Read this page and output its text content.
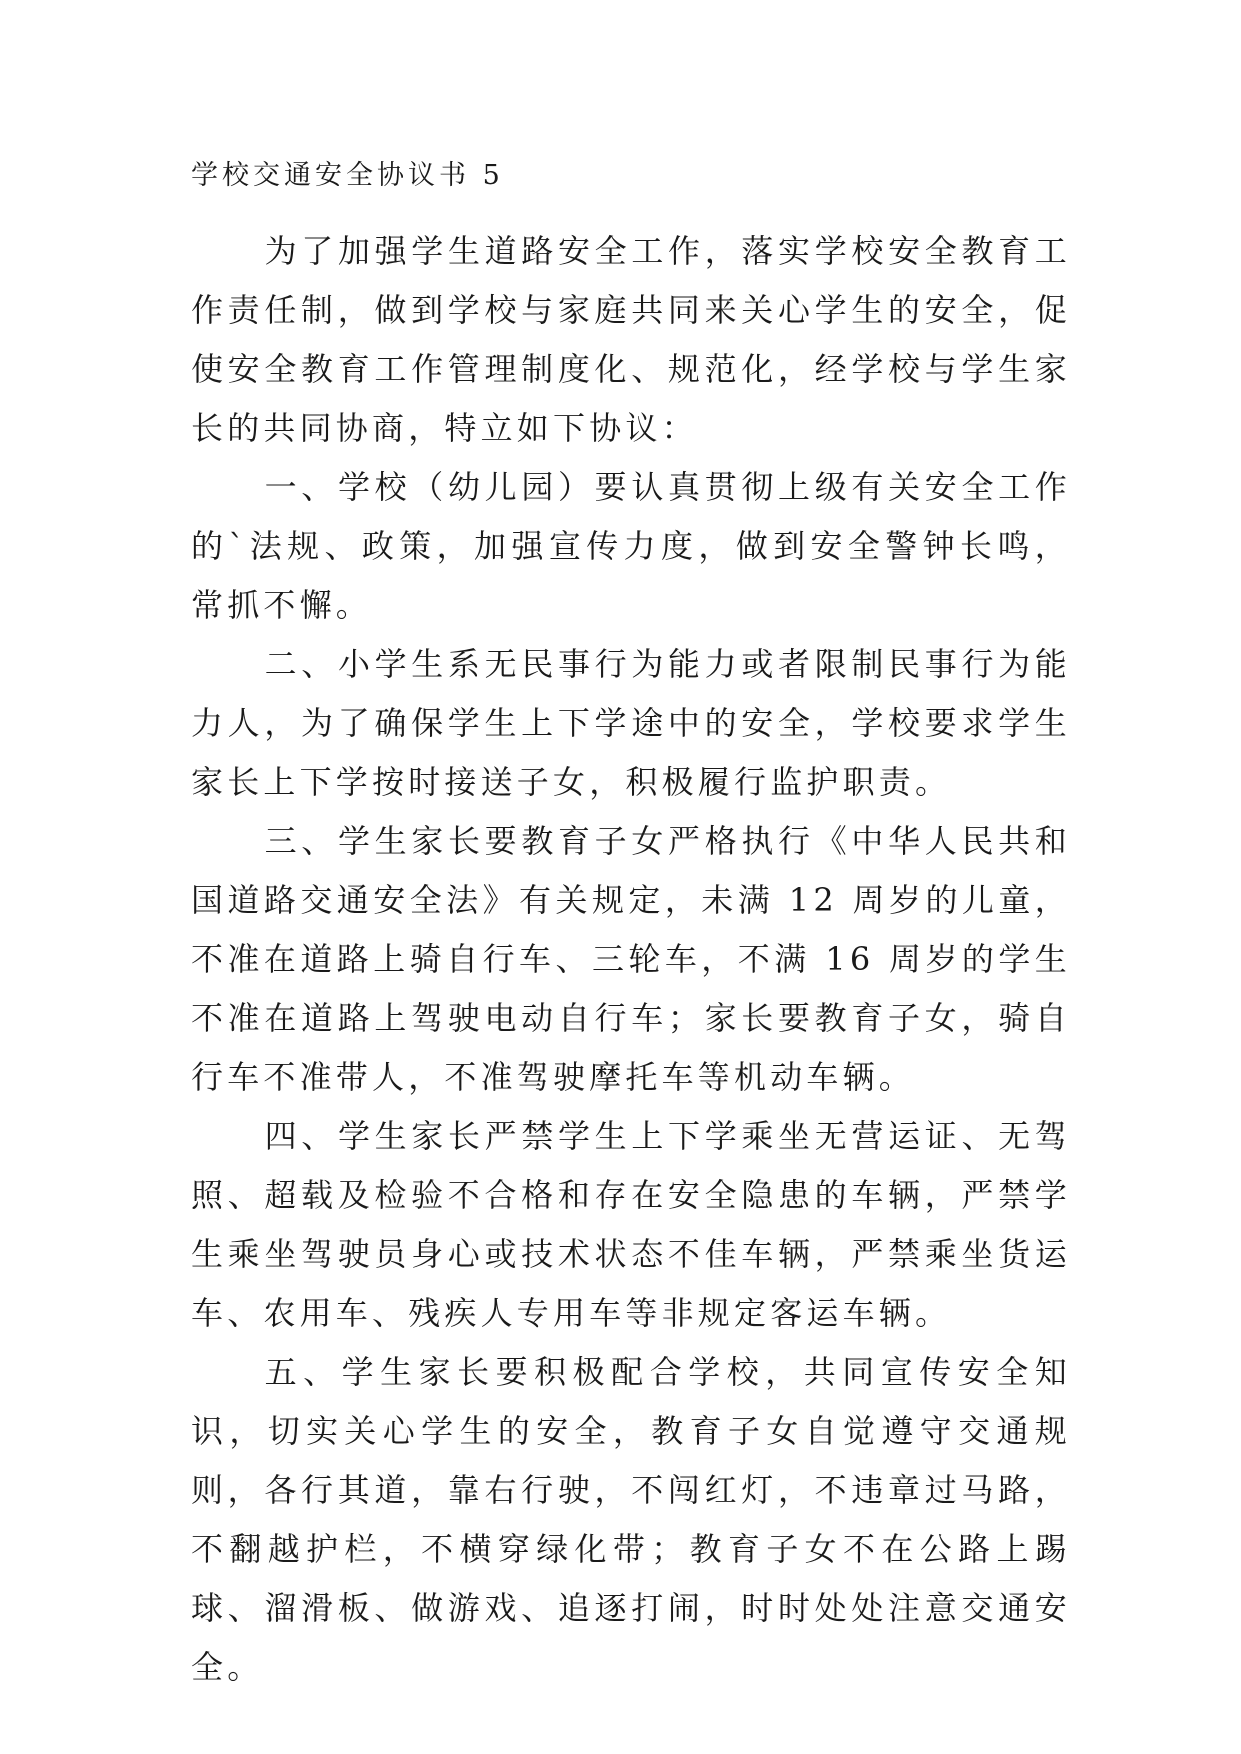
学校交通安全协议书 5

为了加强学生道路安全工作，落实学校安全教育工作责任制，做到学校与家庭共同来关心学生的安全，促使安全教育工作管理制度化、规范化，经学校与学生家长的共同协商，特立如下协议：

一、学校（幼儿园）要认真贯彻上级有关安全工作的`法规、政策，加强宣传力度，做到安全警钟长鸣，常抓不懈。

二、小学生系无民事行为能力或者限制民事行为能力人，为了确保学生上下学途中的安全，学校要求学生家长上下学按时接送子女，积极履行监护职责。

三、学生家长要教育子女严格执行《中华人民共和国道路交通安全法》有关规定，未满 12 周岁的儿童，不准在道路上骑自行车、三轮车，不满 16 周岁的学生不准在道路上驾驶电动自行车；家长要教育子女，骑自行车不准带人，不准驾驶摩托车等机动车辆。

四、学生家长严禁学生上下学乘坐无营运证、无驾照、超载及检验不合格和存在安全隐患的车辆，严禁学生乘坐驾驶员身心或技术状态不佳车辆，严禁乘坐货运车、农用车、残疾人专用车等非规定客运车辆。

五、学生家长要积极配合学校，共同宣传安全知识，切实关心学生的安全，教育子女自觉遵守交通规则，各行其道，靠右行驶，不闯红灯，不违章过马路，不翻越护栏，不横穿绿化带；教育子女不在公路上踢球、溜滑板、做游戏、追逐打闹，时时处处注意交通安全。
